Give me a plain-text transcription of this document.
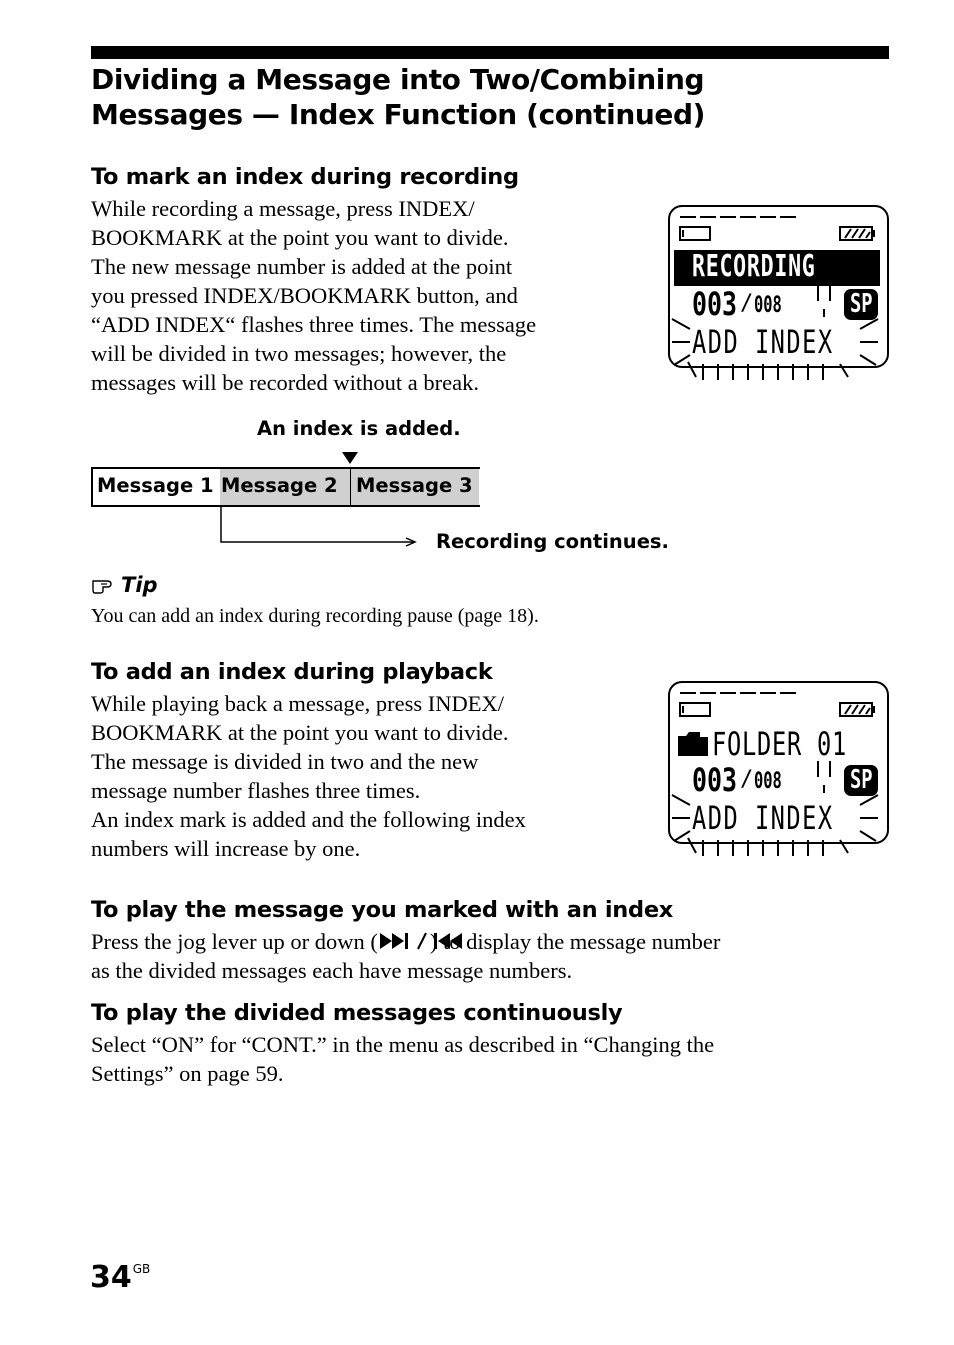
Dividing a Message into Two/Combining
Messages — Index Function (continued)
To mark an index during recording
While recording a message, press INDEX/
BOOKMARK at the point you want to divide.
The new message number is added at the point
you pressed INDEX/BOOKMARK button, and
“ADD INDEX“ flashes three times. The message
will be divided in two messages; however, the
messages will be recorded without a break.
RECORDING
003 / 008	SP
ADD INDEX
An index is added.
Message 1 Message 2 Message 3
Recording continues.
Tip
You can add an index during recording pause (page 18).
To add an index during playback
While playing back a message, press INDEX/
BOOKMARK at the point you want to divide.
The message is divided in two and the new
message number flashes three times.
An index mark is added and the following index
numbers will increase by one.
FOLDER 01
003 / 008	SP
ADD INDEX
To play the message you marked with an index
Press the jog lever up or down ( ) to display the message number
as the divided messages each have message numbers.
To play the divided messages continuously
Select “ON” for “CONT.” in the menu as described in “Changing the
Settings” on page 59.
$34^{GB}$
